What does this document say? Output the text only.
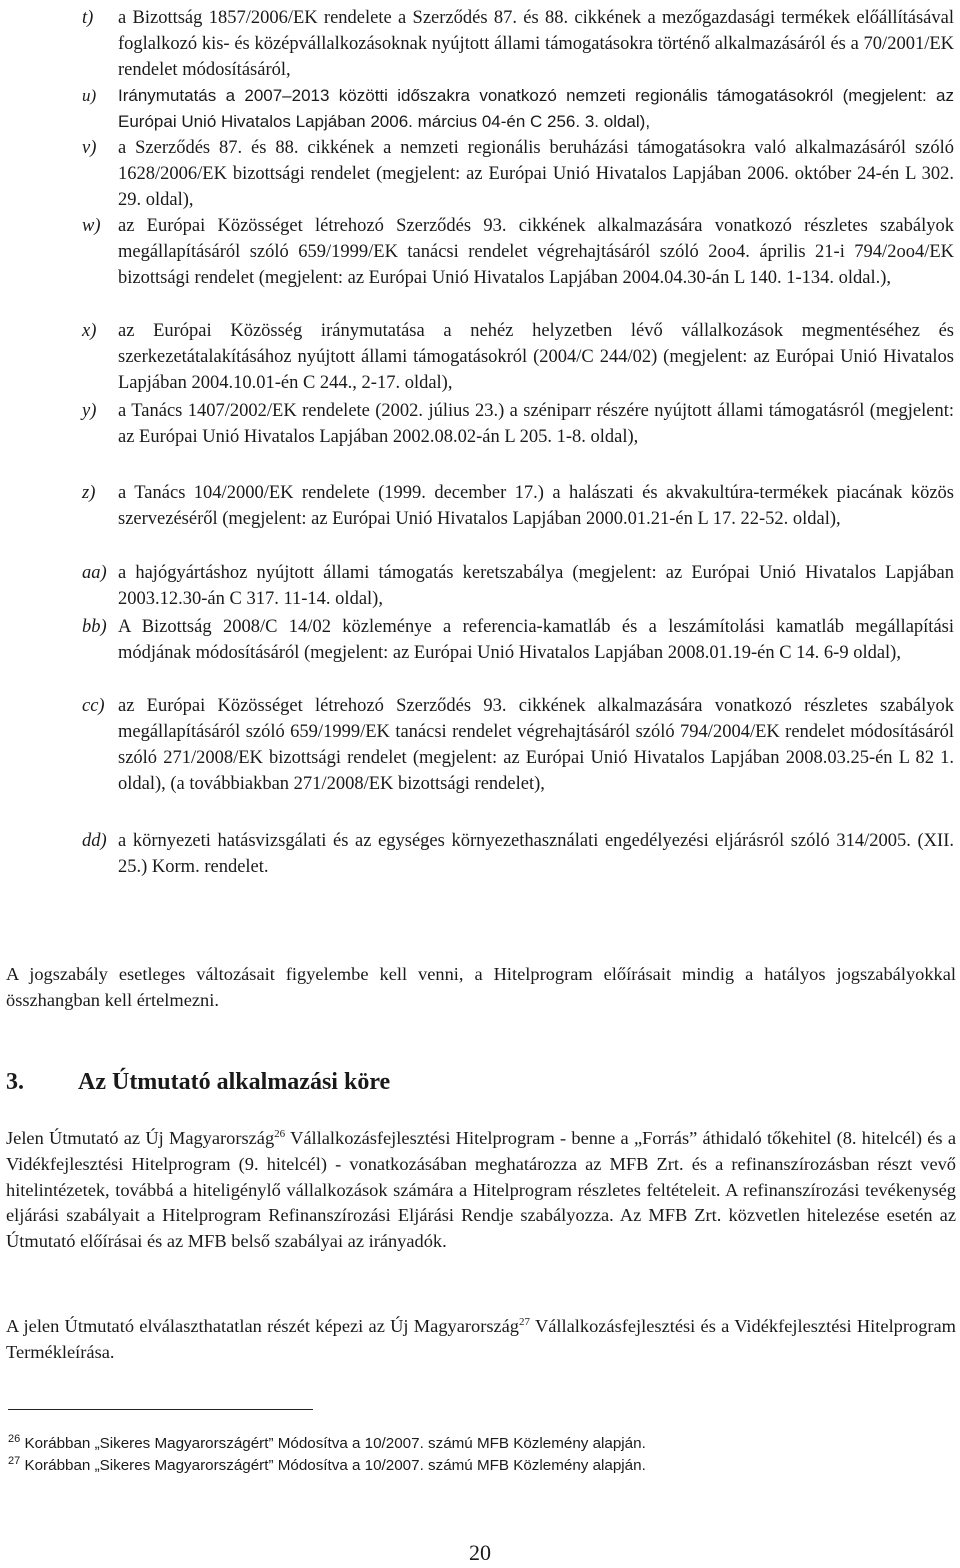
t) a Bizottság 1857/2006/EK rendelete a Szerződés 87. és 88. cikkének a mezőgazdasági termékek előállításával foglalkozó kis- és középvállalkozásoknak nyújtott állami támogatásokra történő alkalmazásáról és a 70/2001/EK rendelet módosításáról,
u) Iránymutatás a 2007–2013 közötti időszakra vonatkozó nemzeti regionális támogatásokról (megjelent: az Európai Unió Hivatalos Lapjában 2006. március 04-én C 256. 3. oldal),
v) a Szerződés 87. és 88. cikkének a nemzeti regionális beruházási támogatásokra való alkalmazásáról szóló 1628/2006/EK bizottsági rendelet (megjelent: az Európai Unió Hivatalos Lapjában 2006. október 24-én L 302. 29. oldal),
w) az Európai Közösséget létrehozó Szerződés 93. cikkének alkalmazására vonatkozó részletes szabályok megállapításáról szóló 659/1999/EK tanácsi rendelet végrehajtásáról szóló 2oo4. április 21-i 794/2oo4/EK bizottsági rendelet (megjelent: az Európai Unió Hivatalos Lapjában 2004.04.30-án L 140. 1-134. oldal.),
x) az Európai Közösség iránymutatása a nehéz helyzetben lévő vállalkozások megmentéséhez és szerkezetátalakításához nyújtott állami támogatásokról (2004/C 244/02) (megjelent: az Európai Unió Hivatalos Lapjában 2004.10.01-én C 244., 2-17. oldal),
y) a Tanács 1407/2002/EK rendelete (2002. július 23.) a széniparr részére nyújtott állami támogatásról (megjelent: az Európai Unió Hivatalos Lapjában 2002.08.02-án L 205. 1-8. oldal),
z) a Tanács 104/2000/EK rendelete (1999. december 17.) a halászati és akvakultúra-termékek piacának közös szervezéséről (megjelent: az Európai Unió Hivatalos Lapjában 2000.01.21-én L 17. 22-52. oldal),
aa) a hajógyártáshoz nyújtott állami támogatás keretszabálya (megjelent: az Európai Unió Hivatalos Lapjában 2003.12.30-án C 317. 11-14. oldal),
bb) A Bizottság 2008/C 14/02 közleménye a referencia-kamatláb és a leszámítolási kamatláb megállapítási módjának módosításáról (megjelent: az Európai Unió Hivatalos Lapjában 2008.01.19-én C 14. 6-9 oldal),
cc) az Európai Közösséget létrehozó Szerződés 93. cikkének alkalmazására vonatkozó részletes szabályok megállapításáról szóló 659/1999/EK tanácsi rendelet végrehajtásáról szóló 794/2004/EK rendelet módosításáról szóló 271/2008/EK bizottsági rendelet (megjelent: az Európai Unió Hivatalos Lapjában 2008.03.25-én L 82 1. oldal), (a továbbiakban 271/2008/EK bizottsági rendelet),
dd) a környezeti hatásvizsgálati és az egységes környezethasználati engedélyezési eljárásról szóló 314/2005. (XII. 25.) Korm. rendelet.
A jogszabály esetleges változásait figyelembe kell venni, a Hitelprogram előírásait mindig a hatályos jogszabályokkal összhangban kell értelmezni.
3. Az Útmutató alkalmazási köre
Jelen Útmutató az Új Magyarország$^{26}$ Vállalkozásfejlesztési Hitelprogram - benne a „Forrás” áthidaló tőkehitel (8. hitelcél) és a Vidékfejlesztési Hitelprogram (9. hitelcél) - vonatkozásában meghatározza az MFB Zrt. és a refinanszírozásban részt vevő hitelintézetek, továbbá a hiteligénylő vállalkozások számára a Hitelprogram részletes feltételeit. A refinanszírozási tevékenység eljárási szabályait a Hitelprogram Refinanszírozási Eljárási Rendje szabályozza. Az MFB Zrt. közvetlen hitelezése esetén az Útmutató előírásai és az MFB belső szabályai az irányadók.
A jelen Útmutató elválaszthatatlan részét képezi az Új Magyarország$^{27}$ Vállalkozásfejlesztési és a Vidékfejlesztési Hitelprogram Termékleírása.
$^{26}$ Korábban „Sikeres Magyarországért” Módosítva a 10/2007. számú MFB Közlemény alapján.
$^{27}$ Korábban „Sikeres Magyarországért” Módosítva a 10/2007. számú MFB Közlemény alapján.
20
